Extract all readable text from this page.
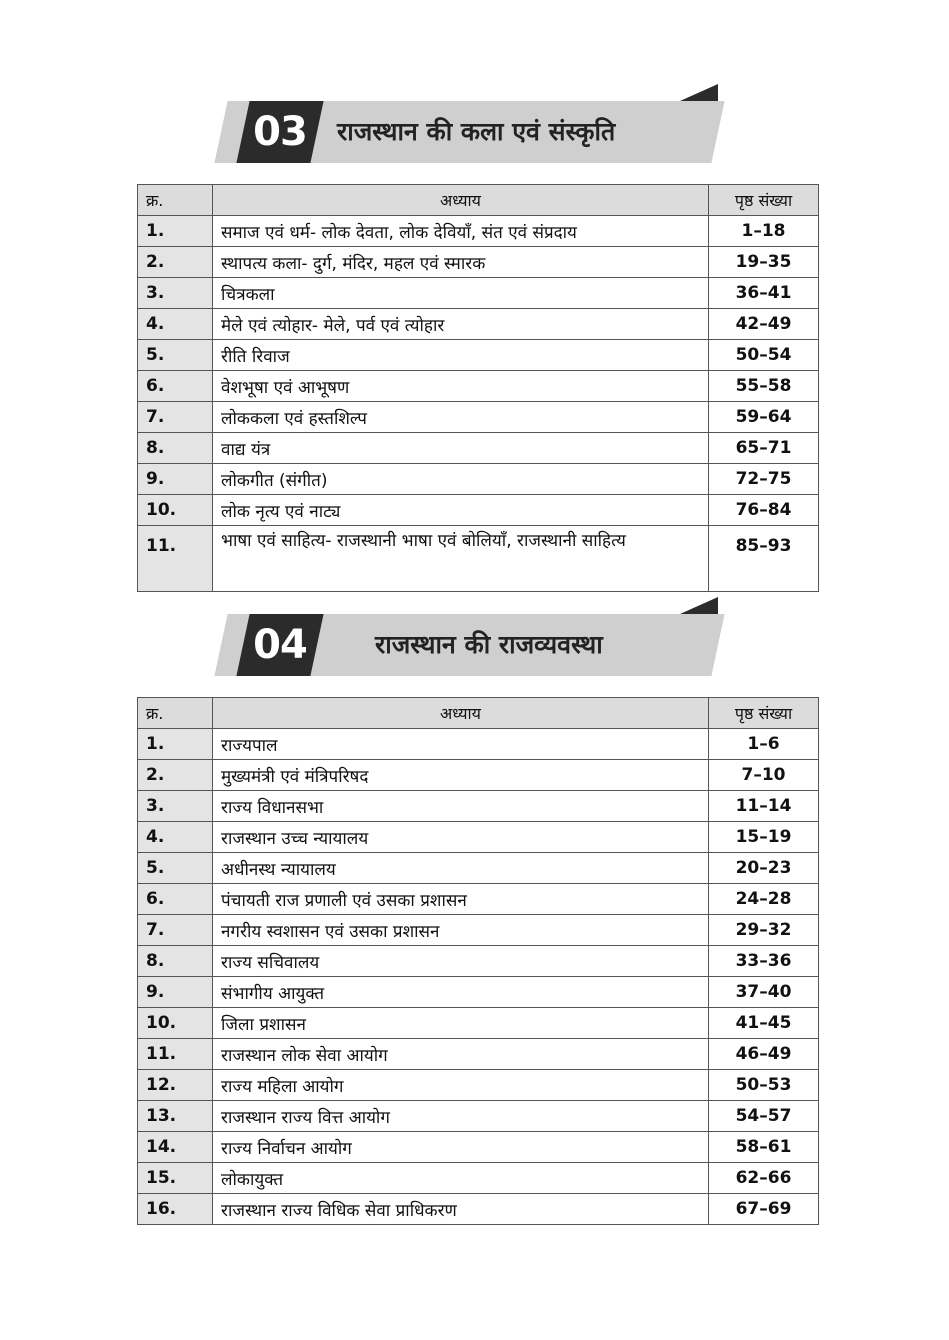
03	राजस्थान की कला एवं संस्कृति
क्र.	अध्याय	पृष्ठ संख्या
1.	समाज एवं धर्म- लोक देवता, लोक देवियाँ, संत एवं संप्रदाय	1–18
2.	स्थापत्य कला- दुर्ग, मंदिर, महल एवं स्मारक	19–35
3.	चित्रकला	36–41
4.	मेले एवं त्योहार- मेले, पर्व एवं त्योहार	42–49
5.	रीति रिवाज	50–54
6.	वेशभूषा एवं आभूषण	55–58
7.	लोककला एवं हस्तशिल्प	59–64
8.	वाद्य यंत्र	65–71
9.	लोकगीत (संगीत)	72–75
10.	लोक नृत्य एवं नाट्य	76–84
11.	भाषा एवं साहित्य- राजस्थानी भाषा एवं बोलियाँ, राजस्थानी साहित्य	85–93
04	राजस्थान की राजव्यवस्था
क्र.	अध्याय	पृष्ठ संख्या
1.	राज्यपाल	1–6
2.	मुख्यमंत्री एवं मंत्रिपरिषद	7–10
3.	राज्य विधानसभा	11–14
4.	राजस्थान उच्च न्यायालय	15–19
5.	अधीनस्थ न्यायालय	20–23
6.	पंचायती राज प्रणाली एवं उसका प्रशासन	24–28
7.	नगरीय स्वशासन एवं उसका प्रशासन	29–32
8.	राज्य सचिवालय	33–36
9.	संभागीय आयुक्त	37–40
10.	जिला प्रशासन	41–45
11.	राजस्थान लोक सेवा आयोग	46–49
12.	राज्य महिला आयोग	50–53
13.	राजस्थान राज्य वित्त आयोग	54–57
14.	राज्य निर्वाचन आयोग	58–61
15.	लोकायुक्त	62–66
16.	राजस्थान राज्य विधिक सेवा प्राधिकरण	67–69
